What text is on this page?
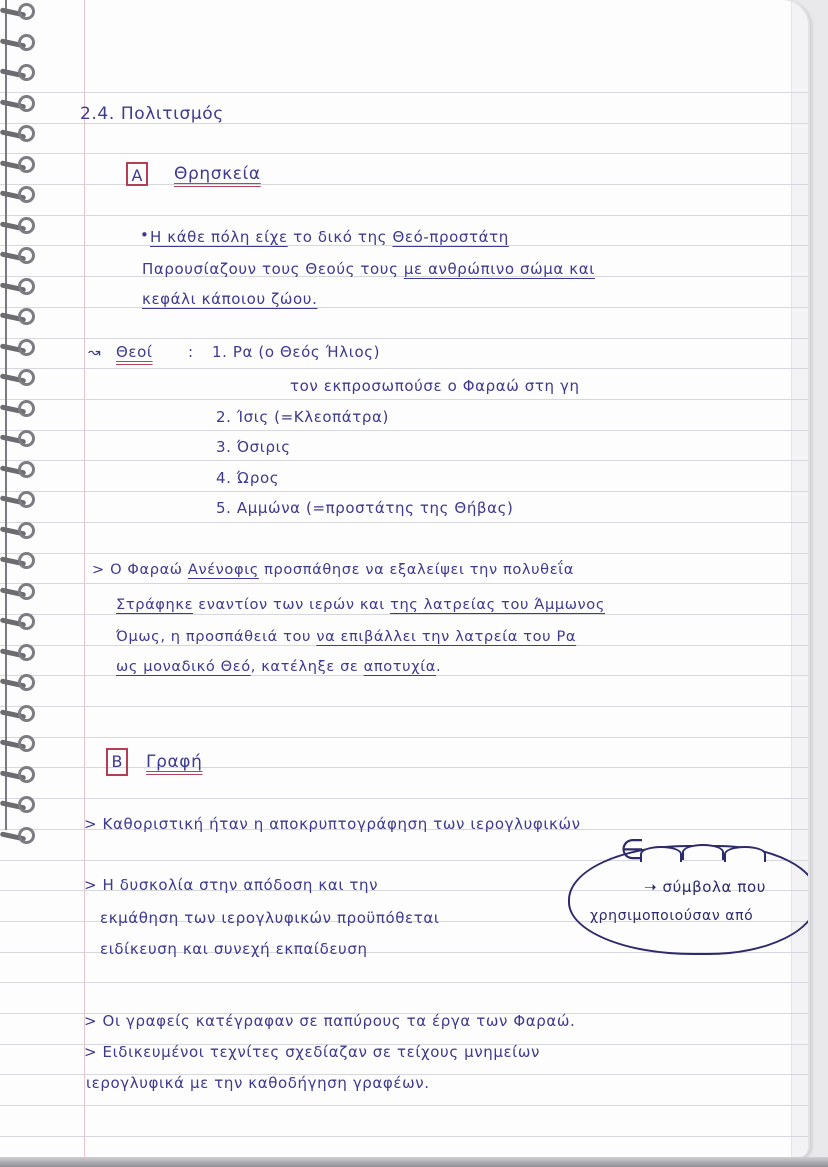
2.4. Πολιτισμός
A	Θρησκεία
• Η κάθε πόλη είχε το δικό της Θεό-προστάτη
Παρουσίαζουν τους Θεούς τους με ανθρώπινο σώμα και
κεφάλι κάποιου ζώου.
↝ Θεοί : 1. Ρα (ο Θεός Ήλιος)
τον εκπροσωπούσε ο Φαραώ στη γη
2. Ίσις (=Κλεοπάτρα)
3. Όσιρις
4. Ώρος
5. Αμμώνα (=προστάτης της Θήβας)
> Ο Φαραώ Ανένοφις προσπάθησε να εξαλείψει την πολυθεΐα
Στράφηκε εναντίον των ιερών και της λατρείας του Άμμωνος
Όμως, η προσπάθειά του να επιβάλλει την λατρεία του Ρα
ως μοναδικό Θεό, κατέληξε σε αποτυχία.
B	Γραφή
> Καθοριστική ήταν η αποκρυπτογράφηση των ιερογλυφικών
> Η δυσκολία στην απόδοση και την
εκμάθηση των ιερογλυφικών προϋπόθεται
ειδίκευση και συνεχή εκπαίδευση
∈
➝ σύμβολα που
χρησιμοποιούσαν από
> Οι γραφείς κατέγραφαν σε παπύρους τα έργα των Φαραώ.
> Ειδικευμένοι τεχνίτες σχεδίαζαν σε τείχους μνημείων
ιερογλυφικά με την καθοδήγηση γραφέων.
